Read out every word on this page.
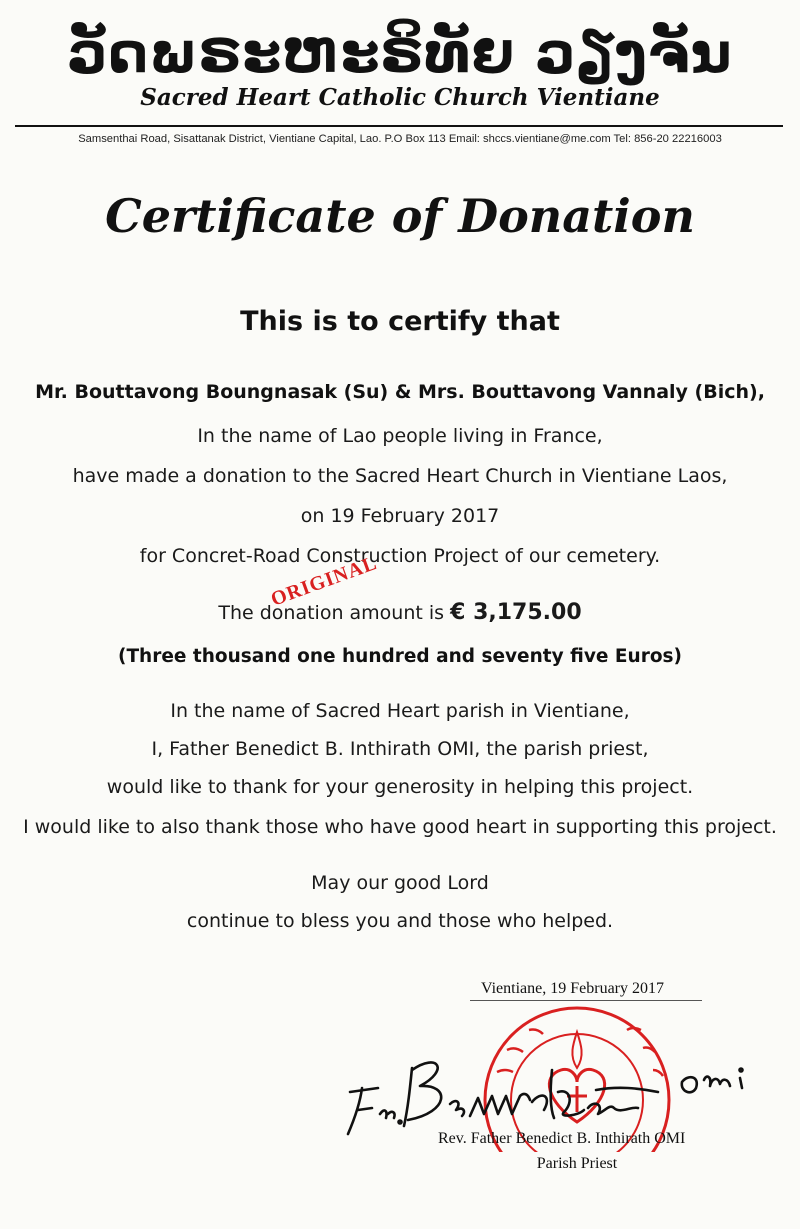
ວັດພຣະຫະຣິທັຍ ວຽງຈັນ
Sacred Heart Catholic Church Vientiane
Samsenthai Road, Sisattanak District, Vientiane Capital, Lao. P.O Box 113 Email: shccs.vientiane@me.com Tel: 856-20 22216003
Certificate of Donation
This is to certify that
Mr. Bouttavong Boungnasak (Su) & Mrs. Bouttavong Vannaly (Bich),
In the name of Lao people living in France,
have made a donation to the Sacred Heart Church in Vientiane Laos,
on 19 February 2017
for Concret-Road Construction Project of our cemetery.
The donation amount is € 3,175.00
(Three thousand one hundred and seventy five Euros)
ORIGINAL
In the name of Sacred Heart parish in Vientiane,
I, Father Benedict B. Inthirath OMI, the parish priest,
would like to thank for your generosity in helping this project.
I would like to also thank those who have good heart in supporting this project.
May our good Lord
continue to bless you and those who helped.
Vientiane, 19 February 2017
Rev. Father Benedict B. Inthirath OMI
Parish Priest
